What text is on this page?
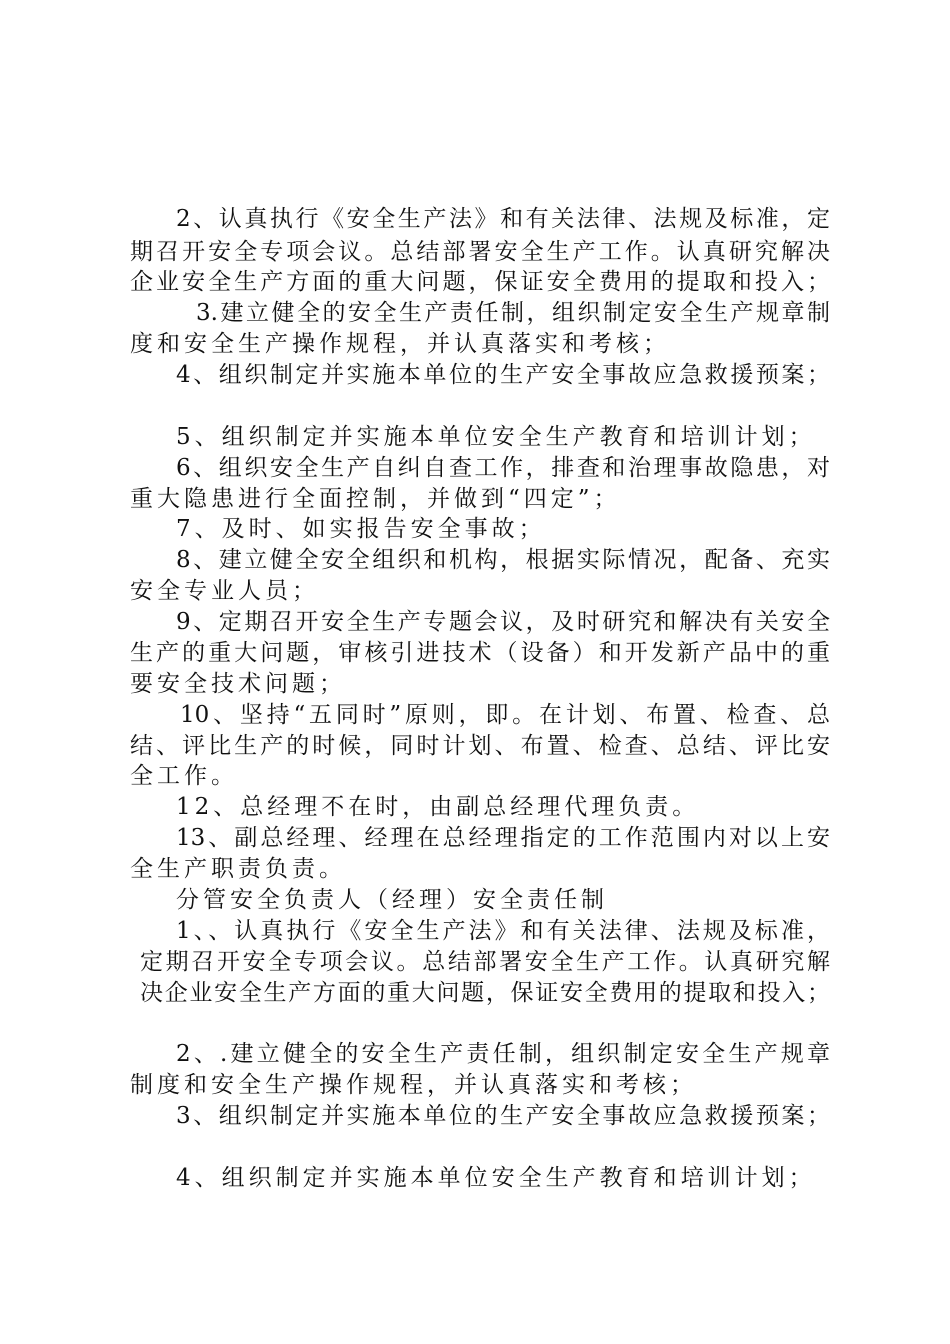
2、认真执行《安全生产法》和有关法律、法规及标准，定
期召开安全专项会议。总结部署安全生产工作。认真研究解决
企业安全生产方面的重大问题，保证安全费用的提取和投入；
3.建立健全的安全生产责任制，组织制定安全生产规章制
度和安全生产操作规程，并认真落实和考核；
4、组织制定并实施本单位的生产安全事故应急救援预案；
5、组织制定并实施本单位安全生产教育和培训计划；
6、组织安全生产自纠自查工作，排查和治理事故隐患，对
重大隐患进行全面控制，并做到“四定”；
7、及时、如实报告安全事故；
8、建立健全安全组织和机构，根据实际情况，配备、充实
安全专业人员；
9、定期召开安全生产专题会议，及时研究和解决有关安全
生产的重大问题，审核引进技术（设备）和开发新产品中的重
要安全技术问题；
10、坚持“五同时”原则，即。在计划、布置、检查、总
结、评比生产的时候，同时计划、布置、检查、总结、评比安
全工作。
12、总经理不在时，由副总经理代理负责。
13、副总经理、经理在总经理指定的工作范围内对以上安
全生产职责负责。
分管安全负责人（经理）安全责任制
1、、认真执行《安全生产法》和有关法律、法规及标准，
定期召开安全专项会议。总结部署安全生产工作。认真研究解
决企业安全生产方面的重大问题，保证安全费用的提取和投入；
2、.建立健全的安全生产责任制，组织制定安全生产规章
制度和安全生产操作规程，并认真落实和考核；
3、组织制定并实施本单位的生产安全事故应急救援预案；
4、组织制定并实施本单位安全生产教育和培训计划；
